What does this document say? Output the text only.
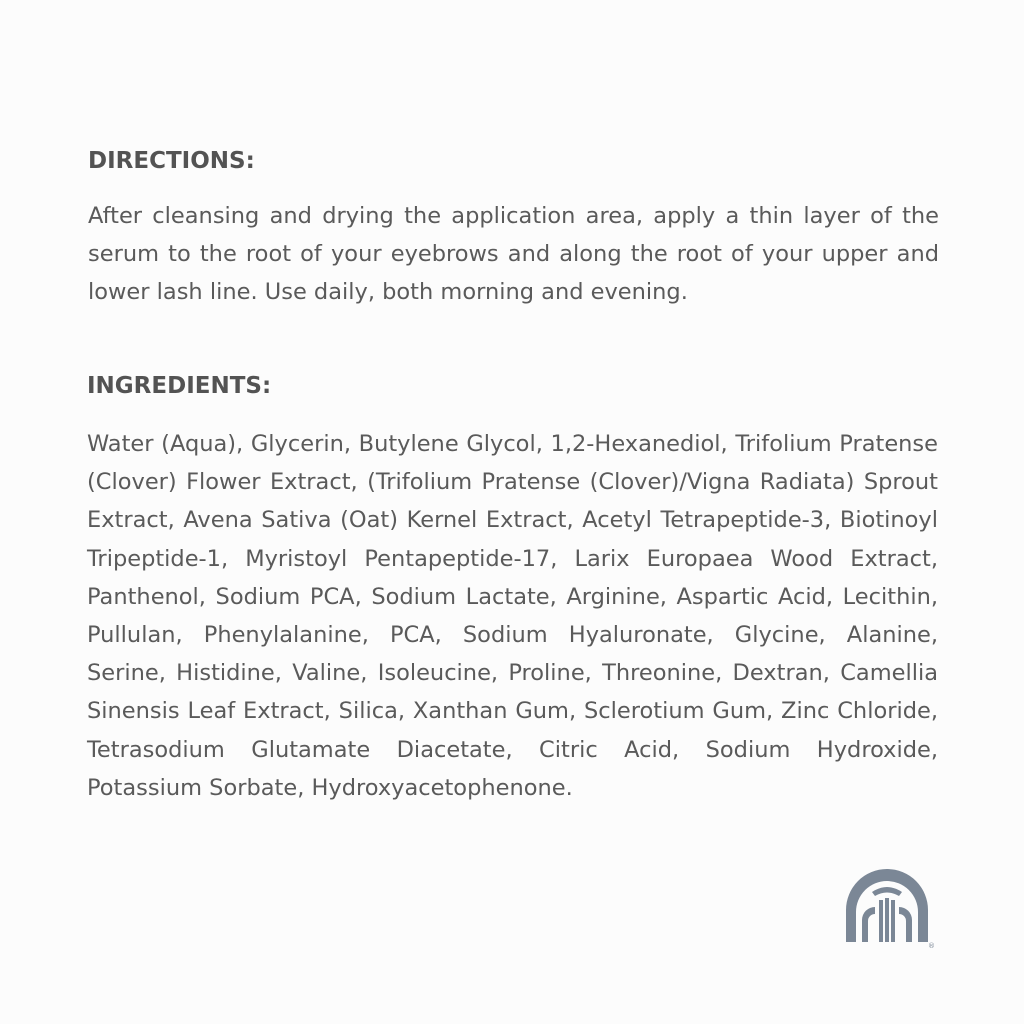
DIRECTIONS:

After cleansing and drying the application area, apply a thin layer of the serum to the root of your eyebrows and along the root of your upper and lower lash line. Use daily, both morning and evening.

INGREDIENTS:

Water (Aqua), Glycerin, Butylene Glycol, 1,2-Hexanediol, Trifolium Pratense (Clover) Flower Extract, (Trifolium Pratense (Clover)/Vigna Radiata) Sprout Extract, Avena Sativa (Oat) Kernel Extract, Acetyl Tetrapeptide-3, Biotinoyl Tripeptide-1, Myristoyl Pentapeptide-17, Larix Europaea Wood Extract, Panthenol, Sodium PCA, Sodium Lactate, Arginine, Aspartic Acid, Lecithin, Pullulan, Phenylalanine, PCA, Sodium Hyaluronate, Glycine, Alanine, Serine, Histidine, Valine, Isoleucine, Proline, Threonine, Dextran, Camellia Sinensis Leaf Extract, Silica, Xanthan Gum, Sclerotium Gum, Zinc Chloride, Tetrasodium Glutamate Diacetate, Citric Acid, Sodium Hydroxide, Potassium Sorbate, Hydroxyacetophenone.

®
